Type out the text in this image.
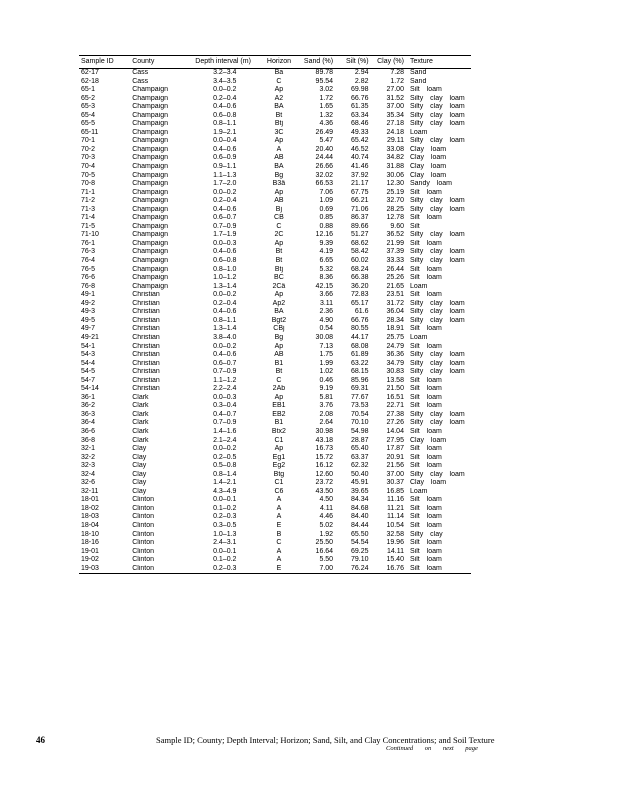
Sample ID	County	Depth interval (m)	Horizon	Sand (%)	Silt (%)	Clay (%) Texture
62-17	Cass	3.2–3.4	Ba	89.78	2.94	7.28 Sand
62-18	Cass	3.4–3.5	C	95.54	2.82	1.72 Sand
65-1	Champaign	0.0–0.2	Ap	3.02	69.98	27.00 Silt loam
65-2	Champaign	0.2–0.4	A2	1.72	66.76	31.52 Silty clay loam
65-3	Champaign	0.4–0.6	BA	1.65	61.35	37.00 Silty clay loam
65-4	Champaign	0.6–0.8	Bt	1.32	63.34	35.34 Silty clay loam
65-5	Champaign	0.8–1.1	Btj	4.36	68.46	27.18 Silty clay loam
65-11	Champaign	1.9–2.1	3C	26.49	49.33	24.18 Loam
70-1	Champaign	0.0–0.4	Ap	5.47	65.42	29.11 Silty clay loam
70-2	Champaign	0.4–0.6	A	20.40	46.52	33.08 Clay loam
70-3	Champaign	0.6–0.9	AB	24.44	40.74	34.82 Clay loam
70-4	Champaign	0.9–1.1	BA	26.66	41.46	31.88 Clay loam
70-5	Champaign	1.1–1.3	Bg	32.02	37.92	30.06 Clay loam
70-8	Champaign	1.7–2.0	B3â	66.53	21.17	12.30 Sandy loam
71-1	Champaign	0.0–0.2	Ap	7.06	67.75	25.19 Silt loam
71-2	Champaign	0.2–0.4	AB	1.09	66.21	32.70 Silty clay loam
71-3	Champaign	0.4–0.6	Bj	0.69	71.06	28.25 Silty clay loam
71-4	Champaign	0.6–0.7	CB	0.85	86.37	12.78 Silt loam
71-5	Champaign	0.7–0.9	C	0.88	89.66	9.60 Silt
71-10	Champaign	1.7–1.9	2C	12.16	51.27	36.52 Silty clay loam
76-1	Champaign	0.0–0.3	Ap	9.39	68.62	21.99 Silt loam
76-3	Champaign	0.4–0.6	Bt	4.19	58.42	37.39 Silty clay loam
76-4	Champaign	0.6–0.8	Bt	6.65	60.02	33.33 Silty clay loam
76-5	Champaign	0.8–1.0	Btj	5.32	68.24	26.44 Silt loam
76-6	Champaign	1.0–1.2	BC	8.36	66.38	25.26 Silt loam
76-8	Champaign	1.3–1.4	2Câ	42.15	36.20	21.65 Loam
49-1	Christian	0.0–0.2	Ap	3.66	72.83	23.51 Silt loam
49-2	Christian	0.2–0.4	Ap2	3.11	65.17	31.72 Silty clay loam
49-3	Christian	0.4–0.6	BA	2.36	61.6	36.04 Silty clay loam
49-5	Christian	0.8–1.1	Bgt2	4.90	66.76	28.34 Silty clay loam
49-7	Christian	1.3–1.4	CBj	0.54	80.55	18.91 Silt loam
49-21	Christian	3.8–4.0	Bg	30.08	44.17	25.75 Loam
54-1	Christian	0.0–0.2	Ap	7.13	68.08	24.79 Silt loam
54-3	Christian	0.4–0.6	AB	1.75	61.89	36.36 Silty clay loam
54-4	Christian	0.6–0.7	B1	1.99	63.22	34.79 Silty clay loam
54-5	Christian	0.7–0.9	Bt	1.02	68.15	30.83 Silty clay loam
54-7	Christian	1.1–1.2	C	0.46	85.96	13.58 Silt loam
54-14	Christian	2.2–2.4	2Ab	9.19	69.31	21.50 Silt loam
36-1	Clark	0.0–0.3	Ap	5.81	77.67	16.51 Silt loam
36-2	Clark	0.3–0.4	EB1	3.76	73.53	22.71 Silt loam
36-3	Clark	0.4–0.7	EB2	2.08	70.54	27.38 Silty clay loam
36-4	Clark	0.7–0.9	B1	2.64	70.10	27.26 Silty clay loam
36-6	Clark	1.4–1.6	Btx2	30.98	54.98	14.04 Silt loam
36-8	Clark	2.1–2.4	C1	43.18	28.87	27.95 Clay loam
32-1	Clay	0.0–0.2	Ap	16.73	65.40	17.87 Silt loam
32-2	Clay	0.2–0.5	Eg1	15.72	63.37	20.91 Silt loam
32-3	Clay	0.5–0.8	Eg2	16.12	62.32	21.56 Silt loam
32-4	Clay	0.8–1.4	Btg	12.60	50.40	37.00 Silty clay loam
32-6	Clay	1.4–2.1	C1	23.72	45.91	30.37 Clay loam
32-11	Clay	4.3–4.9	C6	43.50	39.65	16.85 Loam
18-01	Clinton	0.0–0.1	A	4.50	84.34	11.16 Silt loam
18-02	Clinton	0.1–0.2	A	4.11	84.68	11.21 Silt loam
18-03	Clinton	0.2–0.3	A	4.46	84.40	11.14 Silt loam
18-04	Clinton	0.3–0.5	E	5.02	84.44	10.54 Silt loam
18-10	Clinton	1.0–1.3	B	1.92	65.50	32.58 Silty clay
18-16	Clinton	2.4–3.1	C	25.50	54.54	19.96 Silt loam
19-01	Clinton	0.0–0.1	A	16.64	69.25	14.11 Silt loam
19-02	Clinton	0.1–0.2	A	5.50	79.10	15.40 Silt loam
19-03	Clinton	0.2–0.3	E	7.00	76.24	16.76 Silt loam
Continued on next page
46	Sample ID; County; Depth Interval; Horizon; Sand, Silt, and Clay Concentrations; and Soil Texture
